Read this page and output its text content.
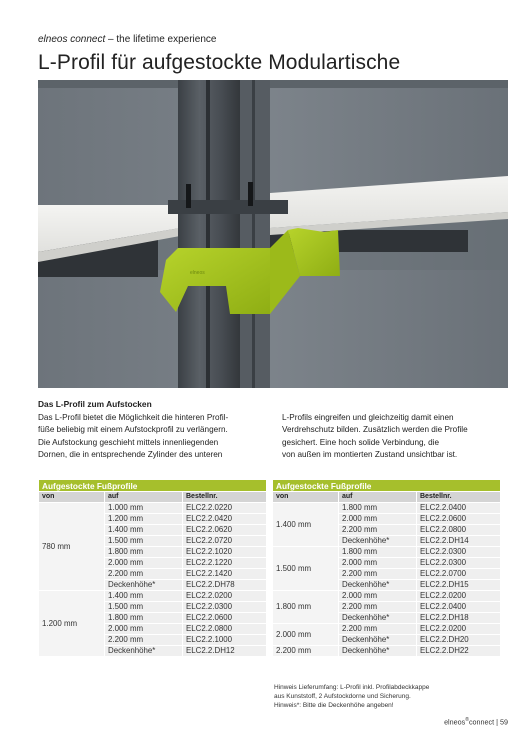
elneos connect – the lifetime experience
L-Profil für aufgestockte Modulartische
elneos
Das L-Profil zum Aufstocken
Das L-Profil bietet die Möglichkeit die hinteren Profil-
füße beliebig mit einem Aufstockprofil zu verlängern.
Die Aufstockung geschieht mittels innenliegenden
Dornen, die in entsprechende Zylinder des unteren
L-Profils eingreifen und gleichzeitig damit einen
Verdrehschutz bilden. Zusätzlich werden die Profile
gesichert. Eine hoch solide Verbindung, die
von außen im montierten Zustand unsichtbar ist.
Aufgestockte Fußprofile		
von	auf	Bestellnr.
780 mm	1.000 mm	ELC2.2.0220
	1.200 mm	ELC2.2.0420
	1.400 mm	ELC2.2.0620
	1.500 mm	ELC2.2.0720
	1.800 mm	ELC2.2.1020
	2.000 mm	ELC2.2.1220
	2.200 mm	ELC2.2.1420
	Deckenhöhe*	ELC2.2.DH78
1.200 mm	1.400 mm	ELC2.2.0200
	1.500 mm	ELC2.2.0300
	1.800 mm	ELC2.2.0600
	2.000 mm	ELC2.2.0800
	2.200 mm	ELC2.2.1000
	Deckenhöhe*	ELC2.2.DH12
Aufgestockte Fußprofile		
von	auf	Bestellnr.
1.400 mm	1.800 mm	ELC2.2.0400
	2.000 mm	ELC2.2.0600
	2.200 mm	ELC2.2.0800
	Deckenhöhe*	ELC2.2.DH14
1.500 mm	1.800 mm	ELC2.2.0300
	2.000 mm	ELC2.2.0300
	2.200 mm	ELC2.2.0700
	Deckenhöhe*	ELC2.2.DH15
1.800 mm	2.000 mm	ELC2.2.0200
	2.200 mm	ELC2.2.0400
	Deckenhöhe*	ELC2.2.DH18
2.000 mm	2.200 mm	ELC2.2.0200
	Deckenhöhe*	ELC2.2.DH20
2.200 mm	Deckenhöhe*	ELC2.2.DH22
Hinweis Lieferumfang: L-Profil inkl. Profilabdeckkappe
aus Kunststoff, 2 Aufstockdorne und Sicherung.
Hinweis*: Bitte die Deckenhöhe angeben!
elneos®connect | 59
